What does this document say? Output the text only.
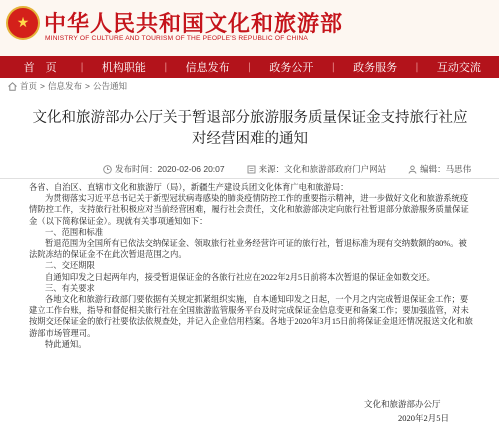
★ 中华人民共和国文化和旅游部
MINISTRY OF CULTURE AND TOURISM OF THE PEOPLE'S REPUBLIC OF CHINA
首　页	|	机构职能	|	信息发布	|	政务公开	|	政务服务	|	互动交流
首页 > 信息发布 > 公告通知
文化和旅游部办公厅关于暂退部分旅游服务质量保证金支持旅行社应对经营困难的通知
发布时间：2020-02-06 20:07	来源：文化和旅游部政府门户网站	编辑：马思伟

各省、自治区、直辖市文化和旅游厅（局），新疆生产建设兵团文化体育广电和旅游局：

为贯彻落实习近平总书记关于新型冠状病毒感染的肺炎疫情防控工作的重要指示精神，进一步做好文化和旅游系统疫情防控工作，支持旅行社积极应对当前经营困难，履行社会责任，文化和旅游部决定向旅行社暂退部分旅游服务质量保证金（以下简称保证金）。现就有关事项通知如下：

一、范围和标准

暂退范围为全国所有已依法交纳保证金、领取旅行社业务经营许可证的旅行社，暂退标准为现有交纳数额的80%。被法院冻结的保证金不在此次暂退范围之内。

二、交还期限

自通知印发之日起两年内，接受暂退保证金的各旅行社应在2022年2月5日前将本次暂退的保证金如数交还。

三、有关要求

各地文化和旅游行政部门要依据有关规定抓紧组织实施，自本通知印发之日起，一个月之内完成暂退保证金工作；要建立工作台账，指导和督促相关旅行社在全国旅游监管服务平台及时完成保证金信息变更和备案工作；要加强监管，对未按期交还保证金的旅行社要依法依规查处，并记入企业信用档案。各地于2020年3月15日前将保证金退还情况报送文化和旅游部市场管理司。

特此通知。

文化和旅游部办公厅
2020年2月5日
